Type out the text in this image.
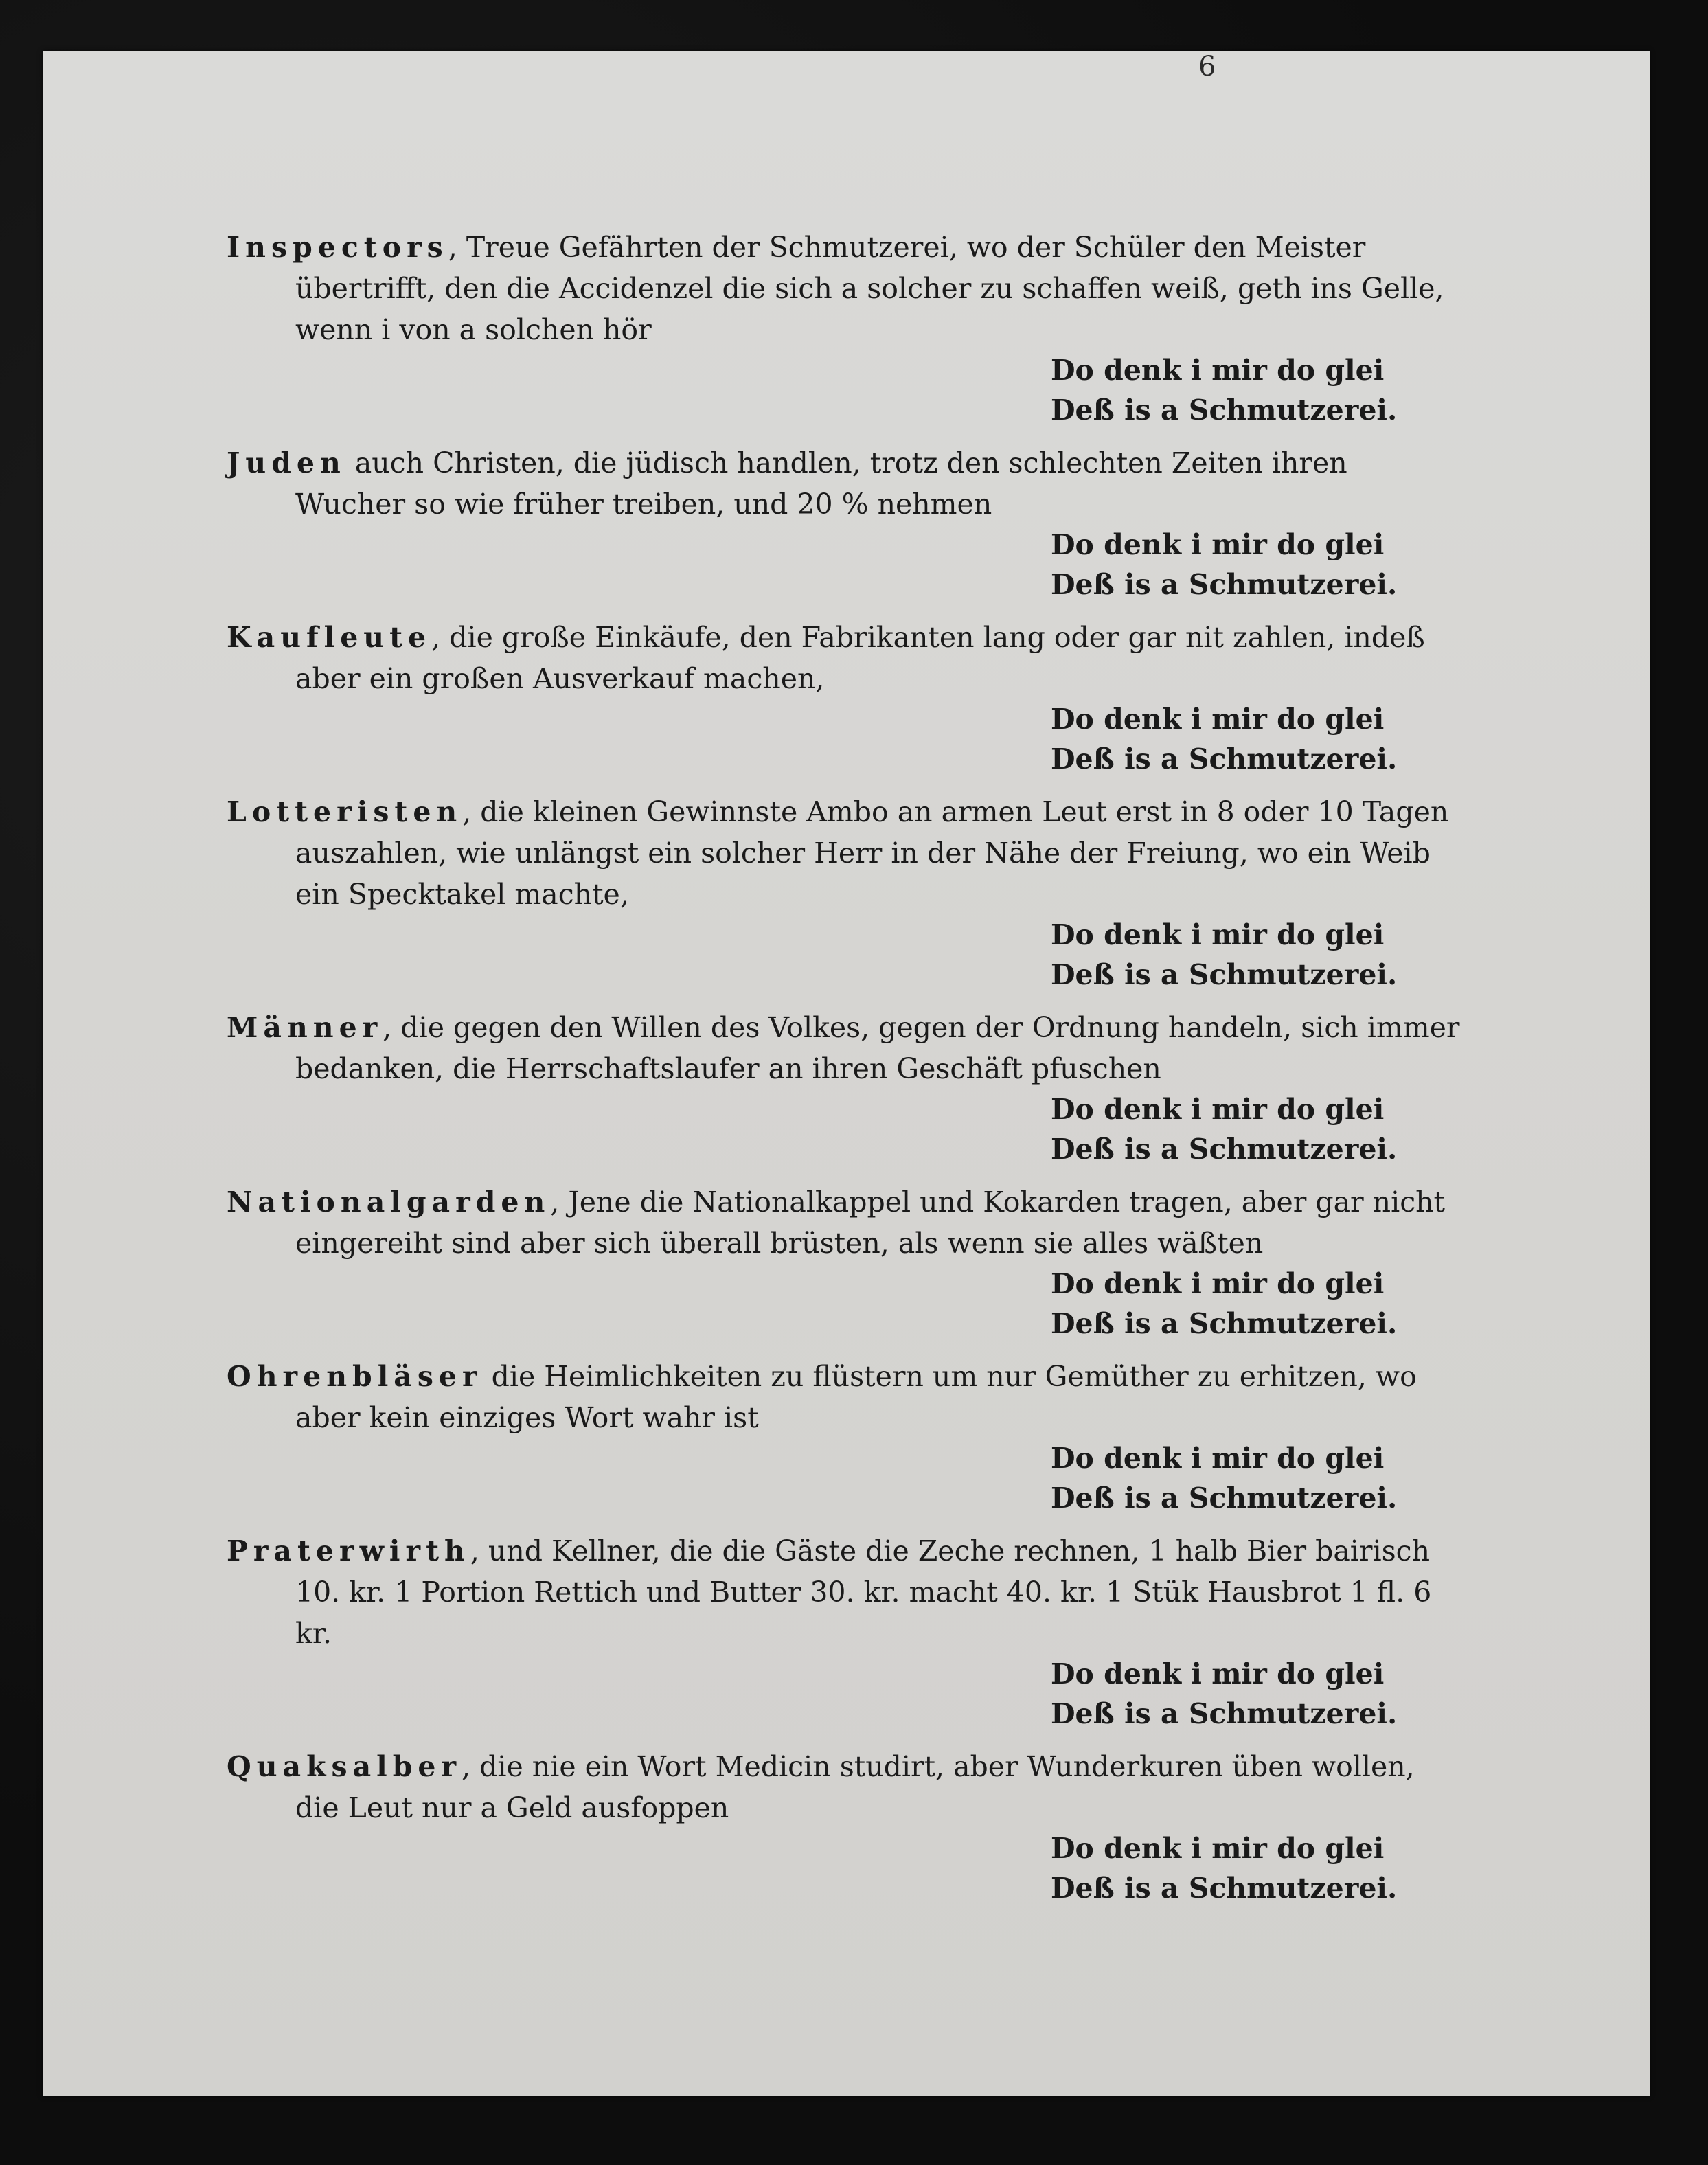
6
Inspectors, Treue Gefährten der Schmutzerei, wo der Schüler den Meister übertrifft, den die Accidenzel die sich a solcher zu schaffen weiß, geth ins Gelle, wenn i von a solchen hör
Do denk i mir do glei
Deß is a Schmutzerei.
Juden auch Christen, die jüdisch handlen, trotz den schlechten Zeiten ihren Wucher so wie früher treiben, und 20 % nehmen
Do denk i mir do glei
Deß is a Schmutzerei.
Kaufleute, die große Einkäufe, den Fabrikanten lang oder gar nit zahlen, indeß aber ein großen Ausverkauf machen,
Do denk i mir do glei
Deß is a Schmutzerei.
Lotteristen, die kleinen Gewinnste Ambo an armen Leut erst in 8 oder 10 Tagen auszahlen, wie unlängst ein solcher Herr in der Nähe der Freiung, wo ein Weib ein Specktakel machte,
Do denk i mir do glei
Deß is a Schmutzerei.
Männer, die gegen den Willen des Volkes, gegen der Ordnung handeln, sich immer bedanken, die Herrschaftslaufer an ihren Geschäft pfuschen
Do denk i mir do glei
Deß is a Schmutzerei.
Nationalgarden, Jene die Nationalkappel und Kokarden tragen, aber gar nicht eingereiht sind aber sich überall brüsten, als wenn sie alles wäßten
Do denk i mir do glei
Deß is a Schmutzerei.
Ohrenbläser die Heimlichkeiten zu flüstern um nur Gemüther zu erhitzen, wo aber kein einziges Wort wahr ist
Do denk i mir do glei
Deß is a Schmutzerei.
Praterwirth, und Kellner, die die Gäste die Zeche rechnen, 1 halb Bier bairisch 10. kr. 1 Portion Rettich und Butter 30. kr. macht 40. kr. 1 Stük Hausbrot 1 fl. 6 kr.
Do denk i mir do glei
Deß is a Schmutzerei.
Quaksalber, die nie ein Wort Medicin studirt, aber Wunderkuren üben wollen, die Leut nur a Geld ausfoppen
Do denk i mir do glei
Deß is a Schmutzerei.
